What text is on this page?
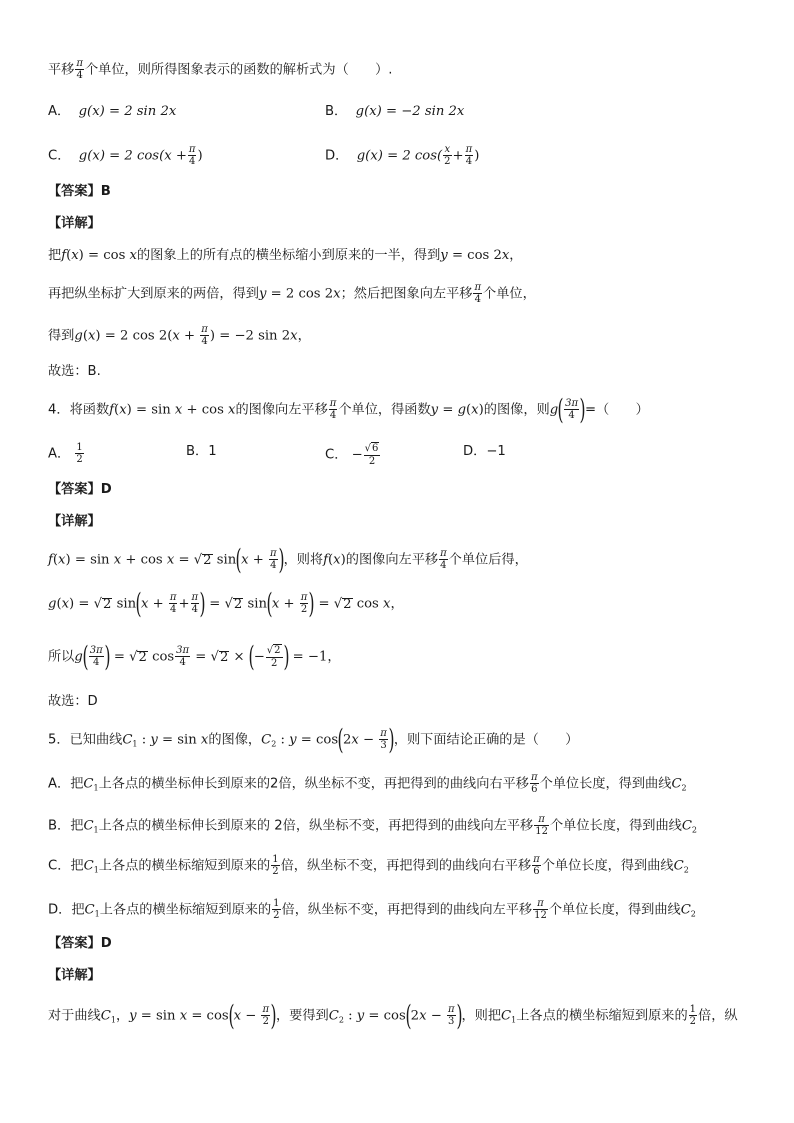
平移 $\frac{\pi}{4}$ 个单位，则所得图象表示的函数的解析式为（　　）.
A． g(x) = 2 sin 2x	B． g(x) = −2 sin 2x
C． g(x) = 2 $\cos(x + \frac{\pi}{4}$ )	D． g(x) = 2 $\cos( \frac{x}{2} + \frac{\pi}{4}$ )
【答案】B
【详解】
把f(x) = cos x的图象上的所有点的横坐标缩小到原来的一半，得到y = cos 2x，
再把纵坐标扩大到原来的两倍，得到y = 2 cos 2x；然后把图象向左平移 $\frac{\pi}{4}$ 个单位，
得到g(x) = 2 $\cos 2(x + \frac{\pi}{4}$ ) = −2 sin 2x，
故选：B.
4．将函数f(x) = sin x + cos x的图像向左平移 $\frac{\pi}{4}$ 个单位，得函数y = g(x)的图像，则$g( \frac{3\pi}{4}$ )=（　　）
A． $\frac{1}{2}$	B．1	C． − $\frac{√6}{2}$	D．−1
【答案】D
【详解】
f(x) = sin x + cos x = √2 $\sin(x + \frac{\pi}{4}$ )，则将f(x)的图像向左平移 $\frac{\pi}{4}$ 个单位后得，
g(x) = √2 $\sin(x + \frac{\pi}{4} + \frac{\pi}{4}$ ) = √2 $\sin(x + \frac{\pi}{2}$ ) = √2 cos x，
所以$g( \frac{3\pi}{4}$ ) = √2 $\cos \frac{3\pi}{4} = √2$ × (− $\frac{√2}{2}$ ) = −1，
故选：D
5．已知曲线$C_1$ : y = sin x的图像，$C_2$ : $y = \cos(2x - \frac{\pi}{3}$ )，则下面结论正确的是（　　）
A．把$C_1$上各点的横坐标伸长到原来的2倍，纵坐标不变，再把得到的曲线向右平移 $\frac{\pi}{6}$ 个单位长度，得到曲线$C_2$
B．把$C_1$上各点的横坐标伸长到原来的 2倍，纵坐标不变，再把得到的曲线向左平移 $\frac{\pi}{12}$ 个单位长度，得到曲线$C_2$
C．把$C_1$上各点的横坐标缩短到原来的 $\frac{1}{2}$ 倍，纵坐标不变，再把得到的曲线向右平移 $\frac{\pi}{6}$ 个单位长度，得到曲线$C_2$
D．把$C_1$上各点的横坐标缩短到原来的 $\frac{1}{2}$ 倍，纵坐标不变，再把得到的曲线向左平移 $\frac{\pi}{12}$ 个单位长度，得到曲线$C_2$
【答案】D
【详解】
对于曲线$C_1$，$y = \sin x = \cos(x - \frac{\pi}{2}$ )，要得到$C_2$ : $y = \cos(2x - \frac{\pi}{3}$ )，则把$C_1$上各点的横坐标缩短到原来的 $\frac{1}{2}$ 倍，纵
